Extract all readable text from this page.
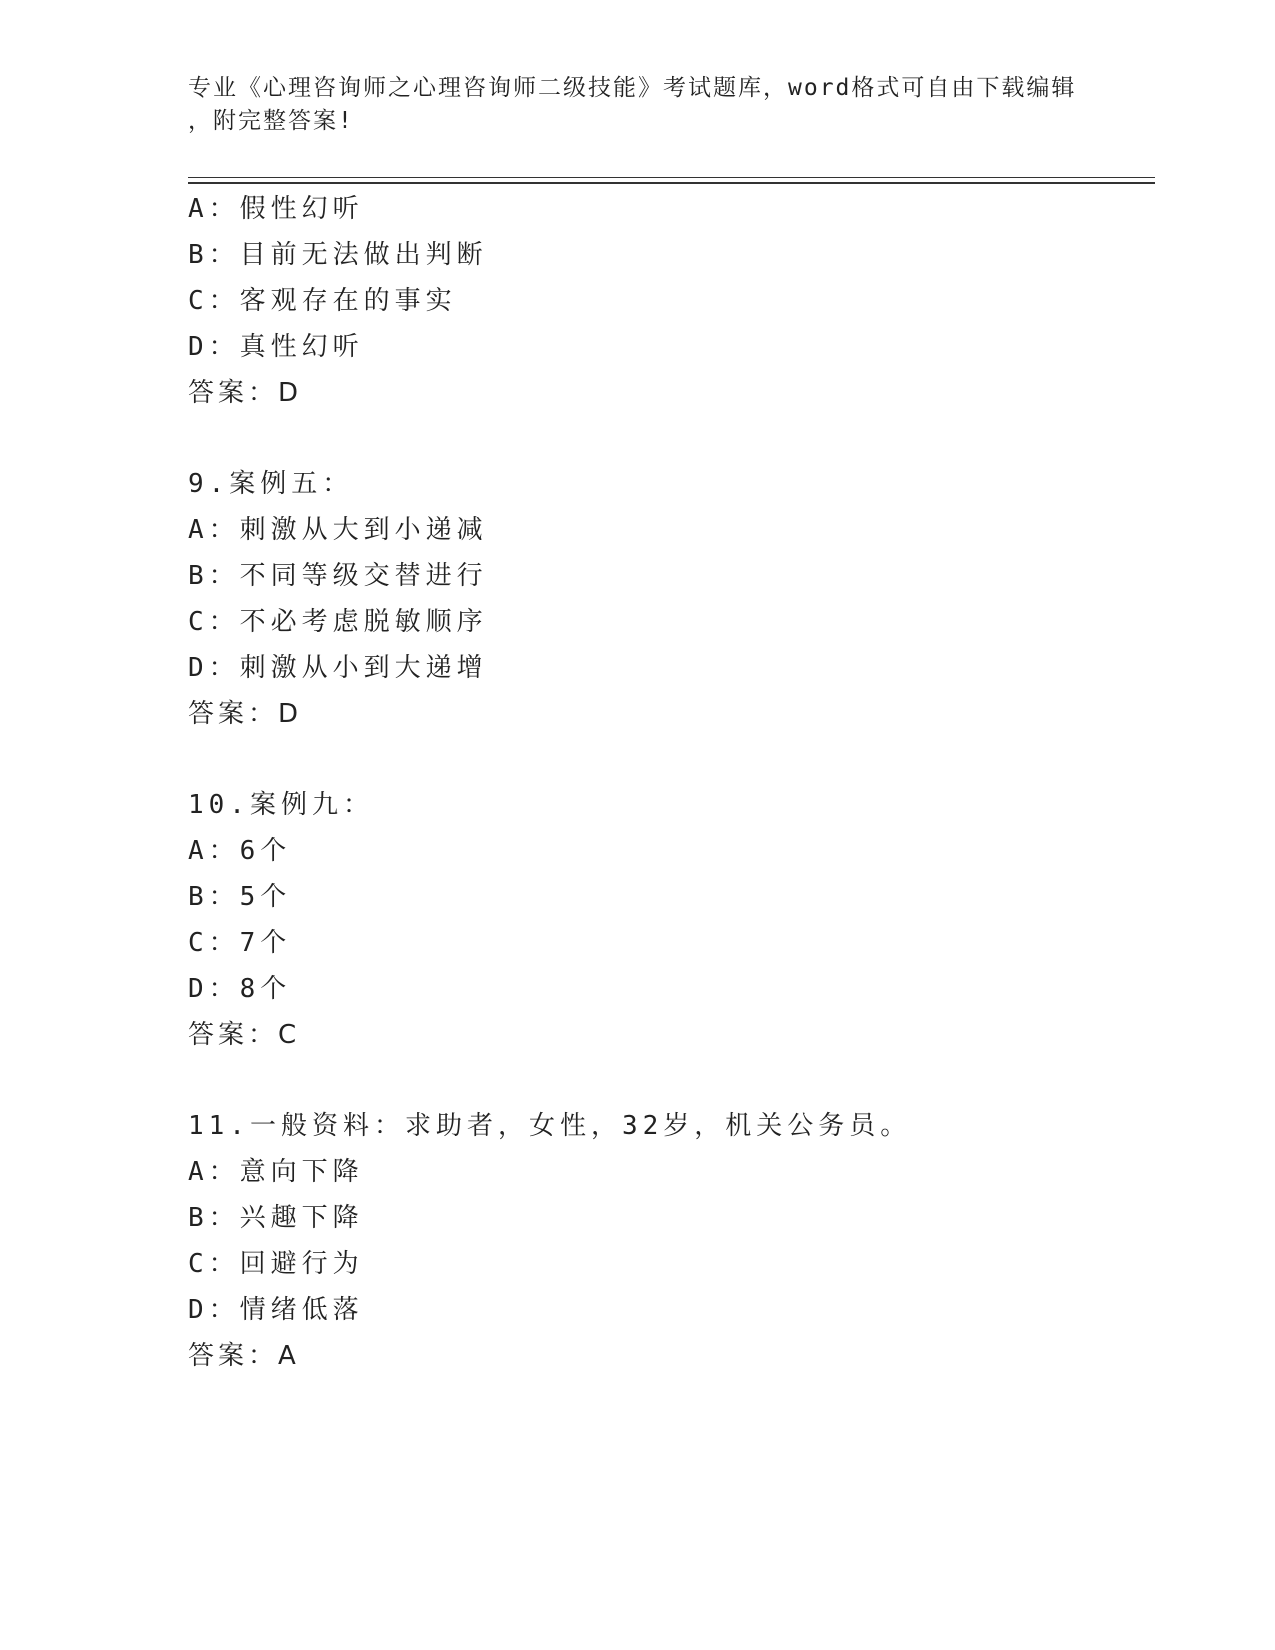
专业《心理咨询师之心理咨询师二级技能》考试题库，word格式可自由下载编辑
，附完整答案!
A：假性幻听
B：目前无法做出判断
C：客观存在的事实
D：真性幻听
答案：D
9.案例五：
A：刺激从大到小递减
B：不同等级交替进行
C：不必考虑脱敏顺序
D：刺激从小到大递增
答案：D
10.案例九：
A：6个
B：5个
C：7个
D：8个
答案：C
11.一般资料：求助者，女性，32岁，机关公务员。
A：意向下降
B：兴趣下降
C：回避行为
D：情绪低落
答案：A
